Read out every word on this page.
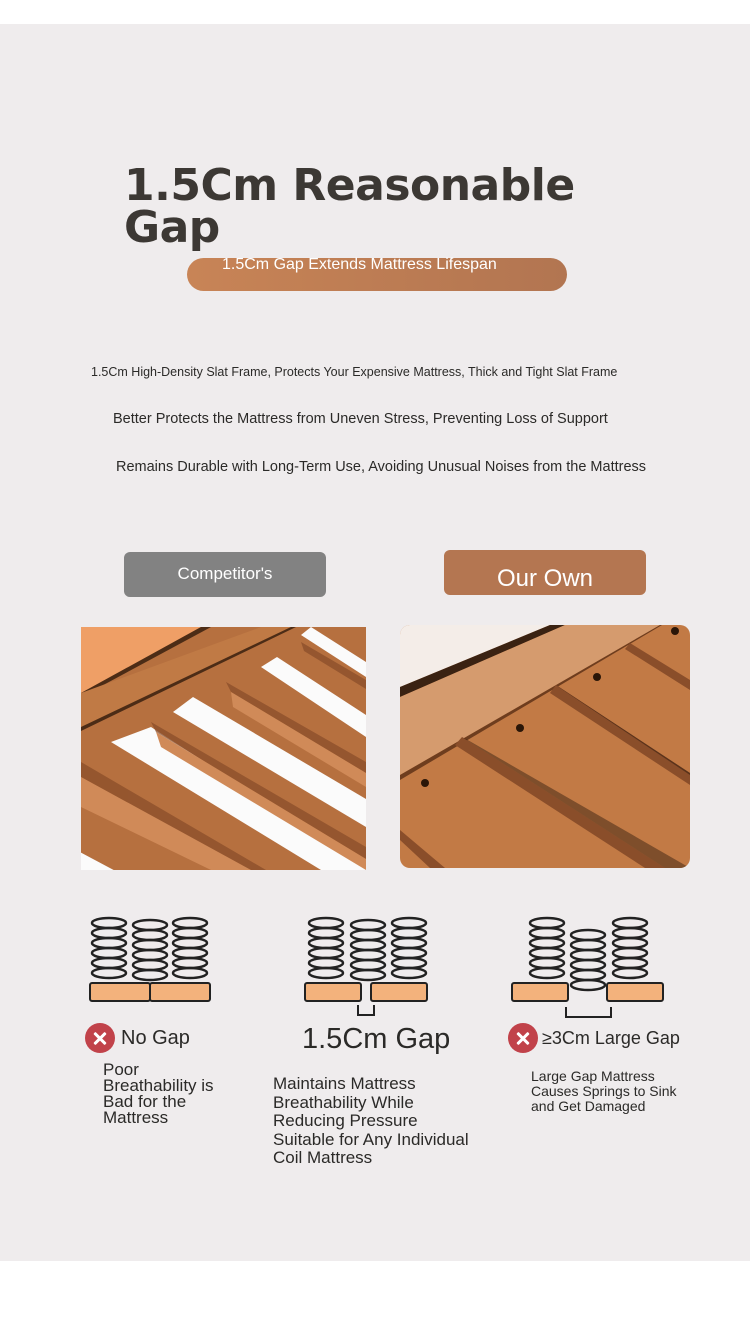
1.5Cm Reasonable Gap
1.5Cm Gap Extends Mattress Lifespan
1.5Cm High-Density Slat Frame, Protects Your Expensive Mattress, Thick and Tight Slat Frame
Better Protects the Mattress from Uneven Stress, Preventing Loss of Support
Remains Durable with Long-Term Use, Avoiding Unusual Noises from the Mattress
Competitor's	Our Own
No Gap	1.5Cm Gap	≥3Cm Large Gap
Poor Breathability is Bad for the Mattress
Maintains Mattress Breathability While Reducing Pressure Suitable for Any Individual Coil Mattress
Large Gap Mattress Causes Springs to Sink and Get Damaged
